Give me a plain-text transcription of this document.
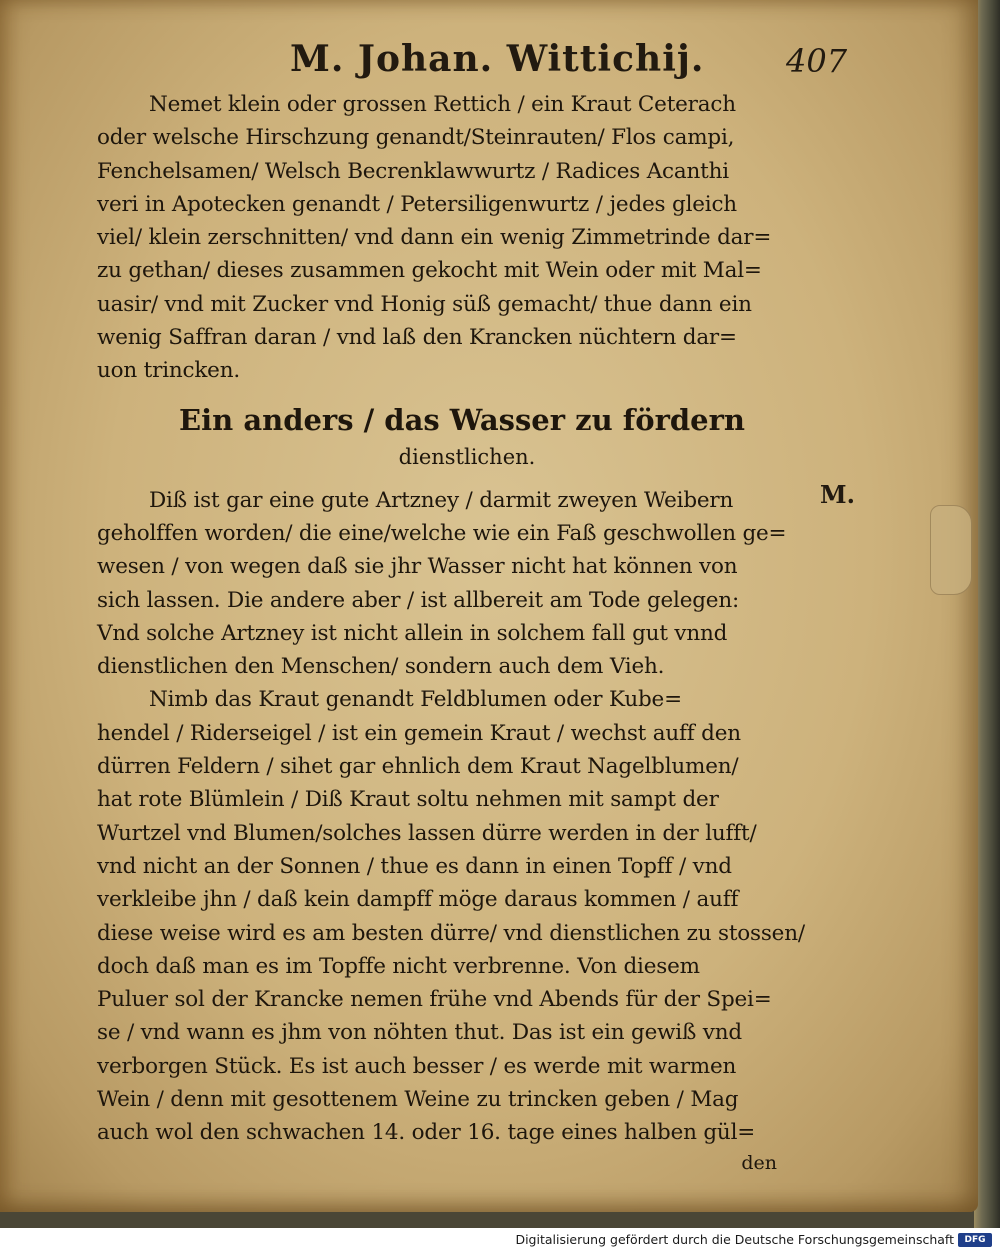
M. Johan. Wittichij.	407
M.
Nemet klein oder grossen Rettich / ein Kraut Ceterach
oder welsche Hirschzung genandt/Steinrauten/ Flos campi,
Fenchelsamen/ Welsch Becrenklawwurtz / Radices Acanthi
veri in Apotecken genandt / Petersiligenwurtz / jedes gleich
viel/ klein zerschnitten/ vnd dann ein wenig Zimmetrinde dar=
zu gethan/ dieses zusammen gekocht mit Wein oder mit Mal=
uasir/ vnd mit Zucker vnd Honig süß gemacht/ thue dann ein
wenig Saffran daran / vnd laß den Krancken nüchtern dar=
uon trincken.
Ein anders / das Wasser zu fördern
dienstlichen.
Diß ist gar eine gute Artzney / darmit zweyen Weibern
geholffen worden/ die eine/welche wie ein Faß geschwollen ge=
wesen / von wegen daß sie jhr Wasser nicht hat können von
sich lassen. Die andere aber / ist allbereit am Tode gelegen:
Vnd solche Artzney ist nicht allein in solchem fall gut vnnd
dienstlichen den Menschen/ sondern auch dem Vieh.
Nimb das Kraut genandt Feldblumen oder Kube=
hendel / Riderseigel / ist ein gemein Kraut / wechst auff den
dürren Feldern / sihet gar ehnlich dem Kraut Nagelblumen/
hat rote Blümlein / Diß Kraut soltu nehmen mit sampt der
Wurtzel vnd Blumen/solches lassen dürre werden in der lufft/
vnd nicht an der Sonnen / thue es dann in einen Topff / vnd
verkleibe jhn / daß kein dampff möge daraus kommen / auff
diese weise wird es am besten dürre/ vnd dienstlichen zu stossen/
doch daß man es im Topffe nicht verbrenne. Von diesem
Puluer sol der Krancke nemen frühe vnd Abends für der Spei=
se / vnd wann es jhm von nöhten thut. Das ist ein gewiß vnd
verborgen Stück. Es ist auch besser / es werde mit warmen
Wein / denn mit gesottenem Weine zu trincken geben / Mag
auch wol den schwachen 14. oder 16. tage eines halben gül=
den
Digitalisierung gefördert durch die Deutsche Forschungsgemeinschaft	DFG
